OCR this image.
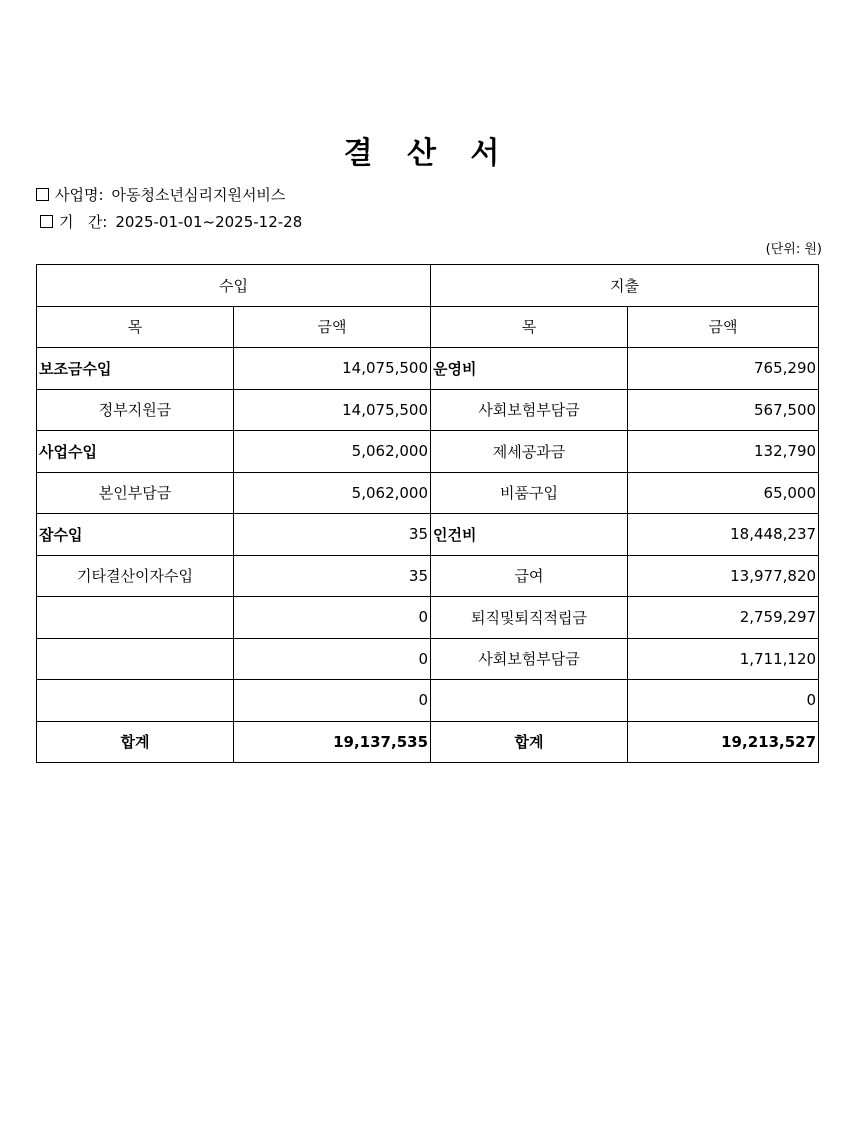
결 산 서
사업명: 아동청소년심리지원서비스
기   간: 2025-01-01~2025-12-28
(단위: 원)
수입		지출	
목	금액	목	금액
보조금수입	14,075,500	운영비	765,290
정부지원금	14,075,500	사회보험부담금	567,500
사업수입	5,062,000	제세공과금	132,790
본인부담금	5,062,000	비품구입	65,000
잡수입	35	인건비	18,448,237
기타결산이자수입	35	급여	13,977,820
	0	퇴직및퇴직적립금	2,759,297
	0	사회보험부담금	1,711,120
	0		0
합계	19,137,535	합계	19,213,527
